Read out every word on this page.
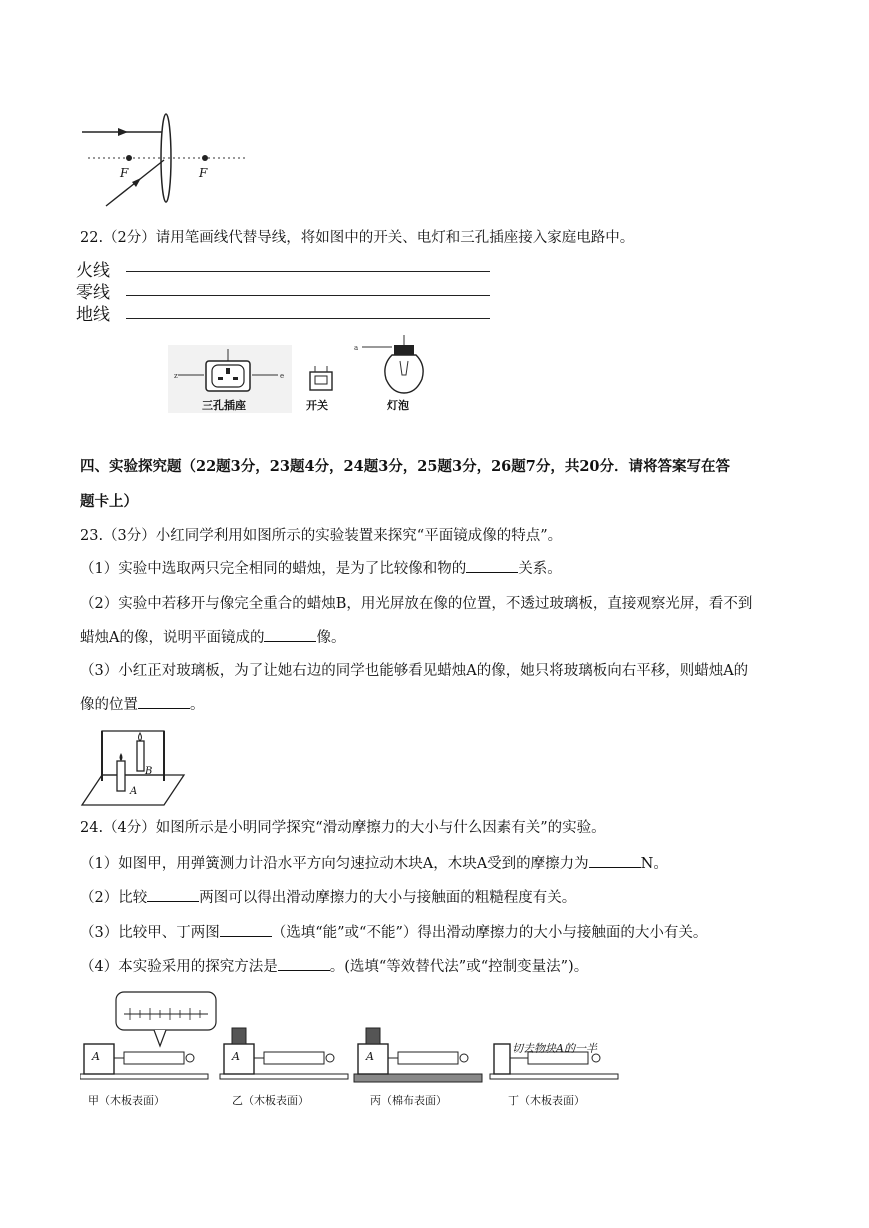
F	F
22.（2分）请用笔画线代替导线，将如图中的开关、电灯和三孔插座接入家庭电路中。
火线
零线
地线
z	e
三孔插座	开关
a
灯泡
四、实验探究题（22题3分，23题4分，24题3分，25题3分，26题7分，共20分．请将答案写在答
题卡上）
23.（3分）小红同学利用如图所示的实验装置来探究“平面镜成像的特点”。
（1）实验中选取两只完全相同的蜡烛，是为了比较像和物的	关系。
（2）实验中若移开与像完全重合的蜡烛B，用光屏放在像的位置，不透过玻璃板，直接观察光屏，看不到
蜡烛A的像，说明平面镜成的	像。
（3）小红正对玻璃板，为了让她右边的同学也能够看见蜡烛A的像，她只将玻璃板向右平移，则蜡烛A的
像的位置	。
A
B
24.（4分）如图所示是小明同学探究“滑动摩擦力的大小与什么因素有关”的实验。
（1）如图甲，用弹簧测力计沿水平方向匀速拉动木块A，木块A受到的摩擦力为	N。
（2）比较	两图可以得出滑动摩擦力的大小与接触面的粗糙程度有关。
（3）比较甲、丁两图	（选填“能”或“不能”）得出滑动摩擦力的大小与接触面的大小有关。
（4）本实验采用的探究方法是	。(选填“等效替代法”或“控制变量法”)。
A	A	A
切去物块A的一半
甲（木板表面）	乙（木板表面）	丙（棉布表面）	丁（木板表面）
